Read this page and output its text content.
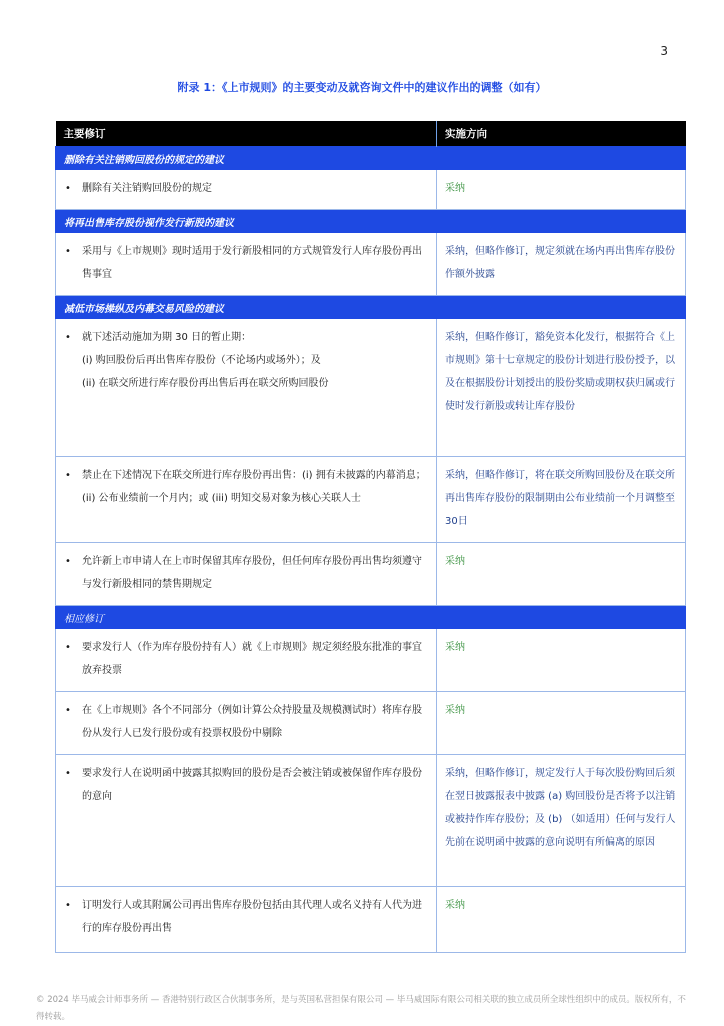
3
附录 1：《上市规则》的主要变动及就咨询文件中的建议作出的调整（如有）
主要修订	实施方向
删除有关注销购回股份的规定的建议	

• 删除有关注销购回股份的规定	采纳
将再出售库存股份视作发行新股的建议	

• 采用与《上市规则》现时适用于发行新股相同的方式规管发行人库存股份再出售事宜	采纳，但略作修订，规定须就在场内再出售库存股份作额外披露
减低市场操纵及内幕交易风险的建议	

• 就下述活动施加为期 30 日的暂止期：
(i) 购回股份后再出售库存股份（不论场内或场外）；及
(ii) 在联交所进行库存股份再出售后再在联交所购回股份	采纳，但略作修订，豁免资本化发行，根据符合《上市规则》第十七章规定的股份计划进行股份授予，以及在根据股份计划授出的股份奖励或期权获归属或行使时发行新股或转让库存股份

• 禁止在下述情况下在联交所进行库存股份再出售：(i) 拥有未披露的内幕消息；(ii) 公布业绩前一个月内；或 (iii) 明知交易对象为核心关联人士	采纳，但略作修订，将在联交所购回股份及在联交所再出售库存股份的限制期由公布业绩前一个月调整至30日

• 允许新上市申请人在上市时保留其库存股份，但任何库存股份再出售均须遵守与发行新股相同的禁售期规定	采纳
相应修订	

• 要求发行人（作为库存股份持有人）就《上市规则》规定须经股东批准的事宜放弃投票	采纳

• 在《上市规则》各个不同部分（例如计算公众持股量及规模测试时）将库存股份从发行人已发行股份或有投票权股份中剔除	采纳

• 要求发行人在说明函中披露其拟购回的股份是否会被注销或被保留作库存股份的意向	采纳，但略作修订，规定发行人于每次股份购回后须在翌日披露报表中披露 (a) 购回股份是否将予以注销或被持作库存股份；及 (b) （如适用）任何与发行人先前在说明函中披露的意向说明有所偏离的原因

• 订明发行人或其附属公司再出售库存股份包括由其代理人或名义持有人代为进行的库存股份再出售	采纳
© 2024 毕马威会计师事务所 — 香港特别行政区合伙制事务所，是与英国私营担保有限公司 — 毕马威国际有限公司相关联的独立成员所全球性组织中的成员。版权所有，不得转载。
